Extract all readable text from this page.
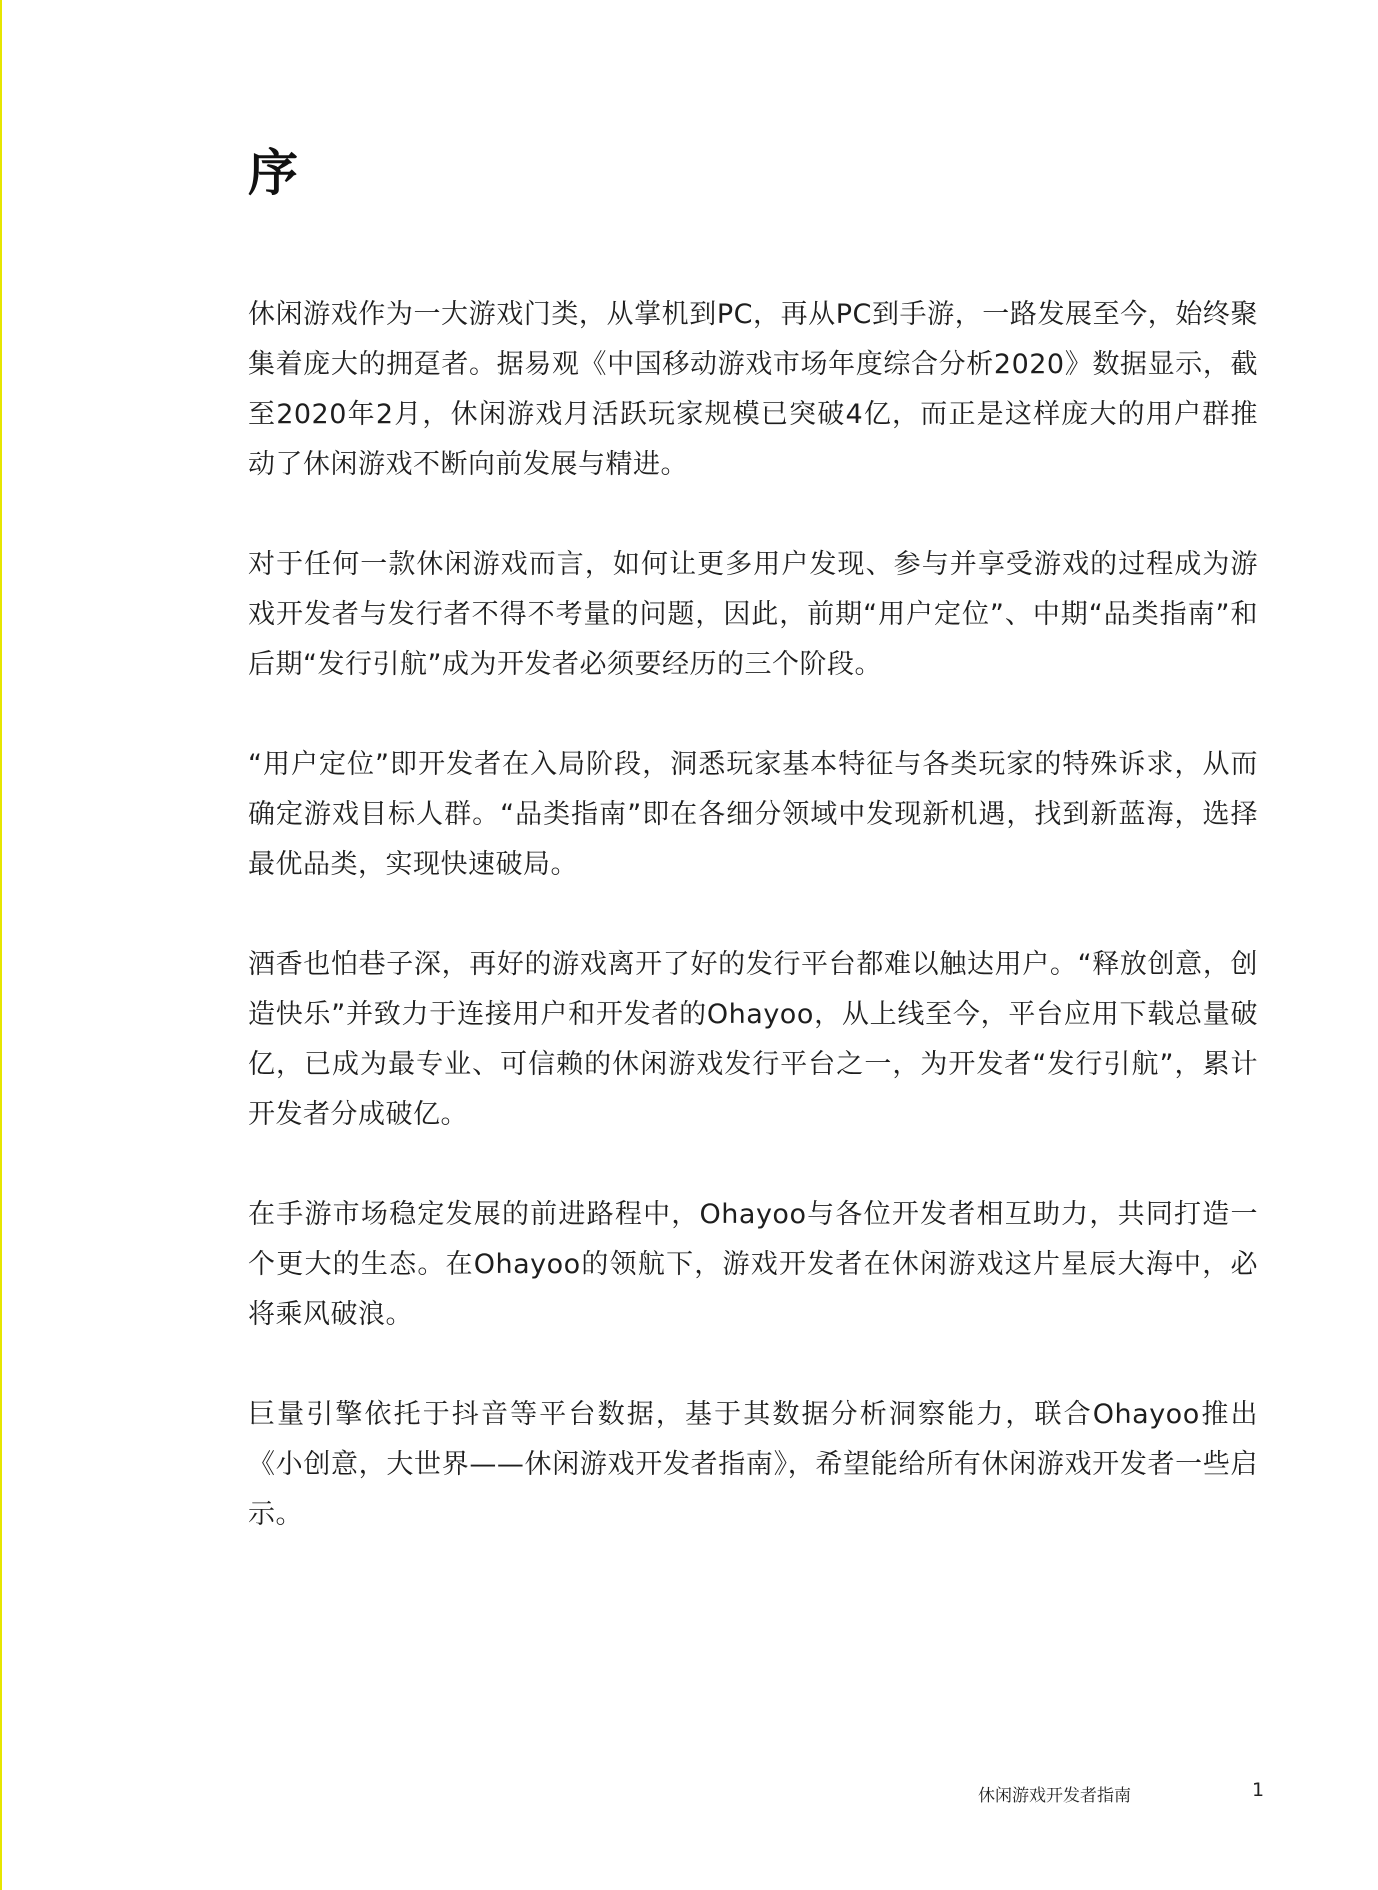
序

休闲游戏作为一大游戏门类，从掌机到PC，再从PC到手游，一路发展至今，始终聚集着庞大的拥趸者。据易观《中国移动游戏市场年度综合分析2020》数据显示，截至2020年2月，休闲游戏月活跃玩家规模已突破4亿，而正是这样庞大的用户群推动了休闲游戏不断向前发展与精进。

对于任何一款休闲游戏而言，如何让更多用户发现、参与并享受游戏的过程成为游戏开发者与发行者不得不考量的问题，因此，前期“用户定位”、中期“品类指南”和后期“发行引航”成为开发者必须要经历的三个阶段。

“用户定位”即开发者在入局阶段，洞悉玩家基本特征与各类玩家的特殊诉求，从而确定游戏目标人群。“品类指南”即在各细分领域中发现新机遇，找到新蓝海，选择最优品类，实现快速破局。

酒香也怕巷子深，再好的游戏离开了好的发行平台都难以触达用户。“释放创意，创造快乐”并致力于连接用户和开发者的Ohayoo，从上线至今，平台应用下载总量破亿，已成为最专业、可信赖的休闲游戏发行平台之一，为开发者“发行引航”，累计开发者分成破亿。

在手游市场稳定发展的前进路程中，Ohayoo与各位开发者相互助力，共同打造一个更大的生态。在Ohayoo的领航下，游戏开发者在休闲游戏这片星辰大海中，必将乘风破浪。

巨量引擎依托于抖音等平台数据，基于其数据分析洞察能力，联合Ohayoo推出《小创意，大世界——休闲游戏开发者指南》，希望能给所有休闲游戏开发者一些启示。

休闲游戏开发者指南	1
